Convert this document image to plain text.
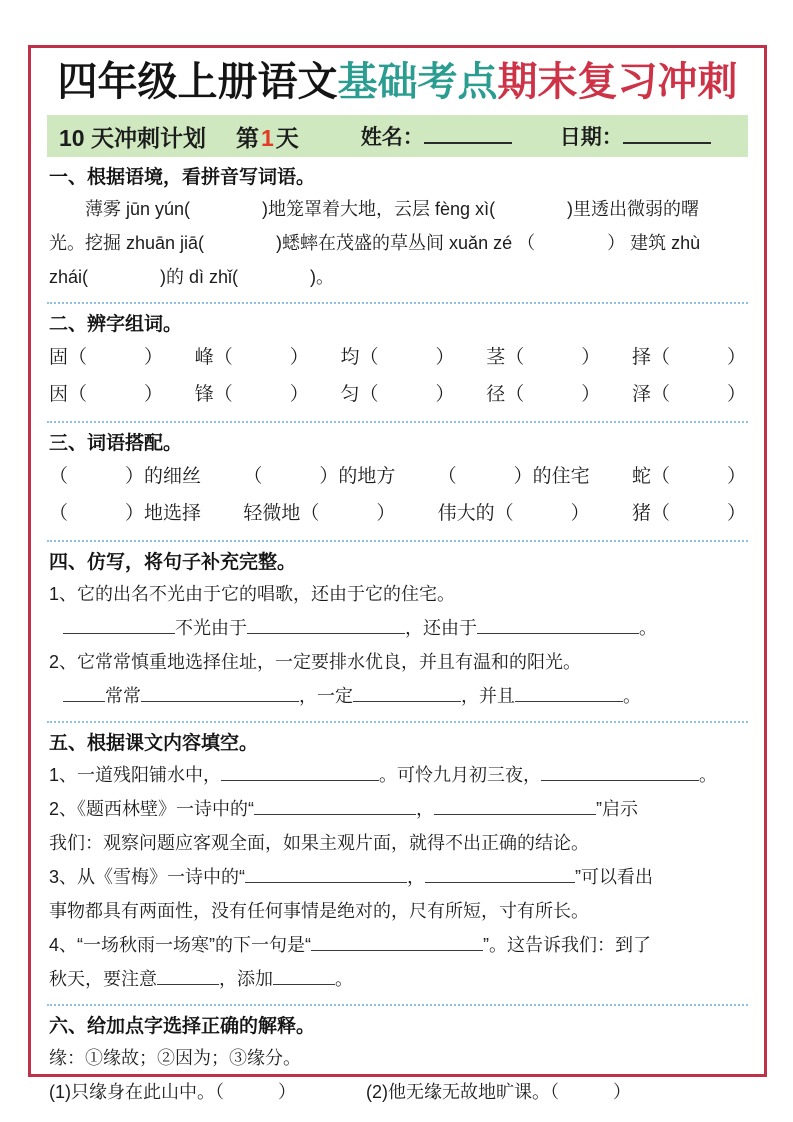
四年级上册语文基础考点期末复习冲刺
10 天冲刺计划 第1天	姓名：	日期：
一、根据语境，看拼音写词语。
薄雾 jūn yún(　　　　)地笼罩着大地，云层 fèng xì(　　　　)里透出微弱的曙
光。挖掘 zhuān jiā(　　　　)蟋蟀在茂盛的草丛间 xuǎn zé （　　　　） 建筑 zhù
zhái(　　　　)的 dì zhǐ(　　　　)。
二、辨字组词。
固（　　　） 峰（　　　） 均（　　　） 茎（　　　） 择（　　　）
因（　　　） 锋（　　　） 匀（　　　） 径（　　　） 泽（　　　）
三、词语搭配。
（　　　）的细丝 （　　　）的地方 （　　　）的住宅 蛇（　　　）
（　　　）地选择 轻微地（　　　） 伟大的（　　　） 猪（　　　）
四、仿写，将句子补充完整。
1、它的出名不光由于它的唱歌，还由于它的住宅。
不光由于	，还由于	。
2、它常常慎重地选择住址，一定要排水优良，并且有温和的阳光。
常常	，一定	，并且	。
五、根据课文内容填空。
1、一道残阳铺水中，	。可怜九月初三夜，	。
2、《题西林壁》一诗中的“	，	”启示
我们：观察问题应客观全面，如果主观片面，就得不出正确的结论。
3、从《雪梅》一诗中的“	，	”可以看出
事物都具有两面性，没有任何事情是绝对的，尺有所短，寸有所长。
4、“一场秋雨一场寒”的下一句是“	”。这告诉我们：到了
秋天，要注意	，添加	。
六、给加点字选择正确的解释。
缘：①缘故；②因为；③缘分。
(1)只缘 •身在此山中。（　　　）	(2)他无缘 •无故地旷课。（　　　）
